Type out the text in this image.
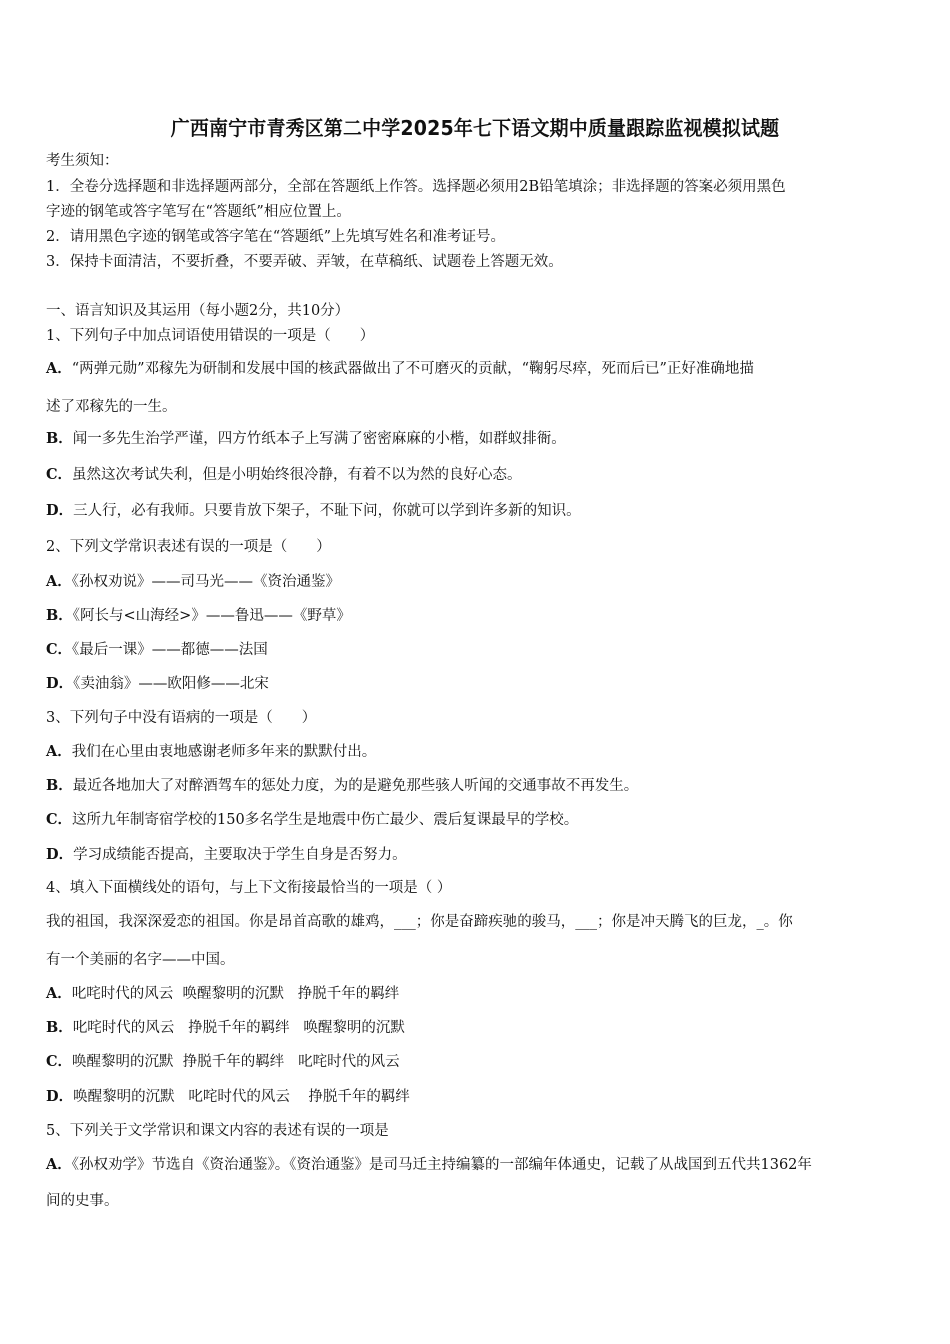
广西南宁市青秀区第二中学2025年七下语文期中质量跟踪监视模拟试题
考生须知：
1．全卷分选择题和非选择题两部分，全部在答题纸上作答。选择题必须用2B铅笔填涂；非选择题的答案必须用黑色
字迹的钢笔或答字笔写在“答题纸”相应位置上。
2．请用黑色字迹的钢笔或答字笔在“答题纸”上先填写姓名和准考证号。
3．保持卡面清洁，不要折叠，不要弄破、弄皱，在草稿纸、试题卷上答题无效。
一、语言知识及其运用（每小题2分，共10分）
1、下列句子中加点词语使用错误的一项是（　　）
A．“两弹元勋”邓稼先为研制和发展中国的核武器做出了不可磨灭的贡献，“鞠躬尽瘁，死而后已”正好准确地描
述了邓稼先的一生。
B．闻一多先生治学严谨，四方竹纸本子上写满了密密麻麻的小楷，如群蚁排衙。
C．虽然这次考试失利，但是小明始终很冷静，有着不以为然的良好心态。
D．三人行，必有我师。只要肯放下架子，不耻下问，你就可以学到许多新的知识。
2、下列文学常识表述有误的一项是（　　）
A．《孙权劝说》——司马光——《资治通鉴》
B．《阿长与<山海经>》——鲁迅——《野草》
C．《最后一课》——都德——法国
D．《卖油翁》——欧阳修——北宋
3、下列句子中没有语病的一项是（　　）
A．我们在心里由衷地感谢老师多年来的默默付出。
B．最近各地加大了对醉酒驾车的惩处力度，为的是避免那些骇人听闻的交通事故不再发生。
C．这所九年制寄宿学校的150多名学生是地震中伤亡最少、震后复课最早的学校。
D．学习成绩能否提高，主要取决于学生自身是否努力。
4、填入下面横线处的语句，与上下文衔接最恰当的一项是（ ）
我的祖国，我深深爱恋的祖国。你是昂首高歌的雄鸡，___；你是奋蹄疾驰的骏马，___；你是冲天腾飞的巨龙，_。你
有一个美丽的名字——中国。
A．叱咤时代的风云  唤醒黎明的沉默   挣脱千年的羁绊
B．叱咤时代的风云   挣脱千年的羁绊   唤醒黎明的沉默
C．唤醒黎明的沉默  挣脱千年的羁绊   叱咤时代的风云
D．唤醒黎明的沉默   叱咤时代的风云    挣脱千年的羁绊
5、下列关于文学常识和课文内容的表述有误的一项是
A．《孙权劝学》节选自《资治通鉴》。《资治通鉴》是司马迁主持编纂的一部编年体通史，记载了从战国到五代共1362年
间的史事。
